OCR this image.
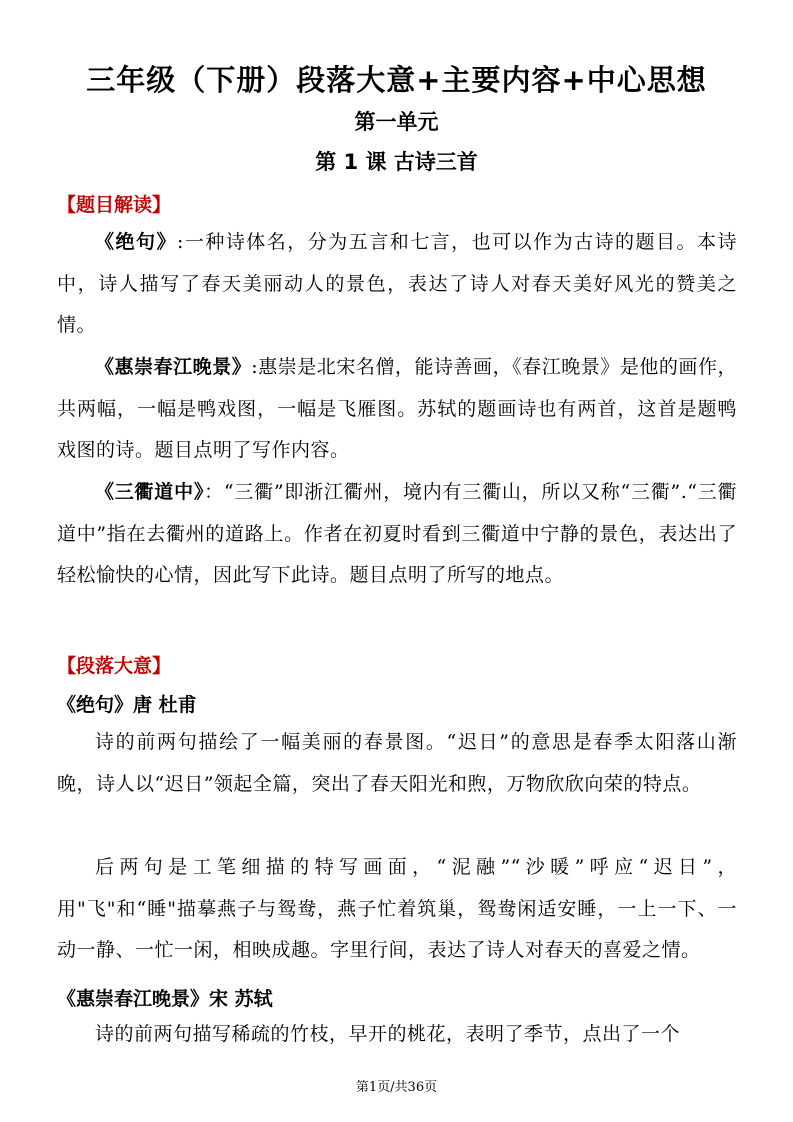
三年级（下册）段落大意+主要内容+中心思想
第一单元
第 1 课 古诗三首
【题目解读】

《绝句》:一种诗体名，分为五言和七言，也可以作为古诗的题目。本诗中，诗人描写了春天美丽动人的景色，表达了诗人对春天美好风光的赞美之情。

《惠崇春江晚景》:惠崇是北宋名僧，能诗善画，《春江晚景》是他的画作，共两幅，一幅是鸭戏图，一幅是飞雁图。苏轼的题画诗也有两首，这首是题鸭戏图的诗。题目点明了写作内容。

《三衢道中》：“三衢”即浙江衢州，境内有三衢山，所以又称“三衢”.“三衢道中”指在去衢州的道路上。作者在初夏时看到三衢道中宁静的景色，表达出了轻松愉快的心情，因此写下此诗。题目点明了所写的地点。

【段落大意】
《绝句》唐 杜甫

诗的前两句描绘了一幅美丽的春景图。“迟日”的意思是春季太阳落山渐晚，诗人以“迟日”领起全篇，突出了春天阳光和煦，万物欣欣向荣的特点。

后两句是工笔细描的特写画面，“泥融”“沙暖”呼应“迟日”，用"飞"和“睡"描摹燕子与鸳鸯，燕子忙着筑巢，鸳鸯闲适安睡，一上一下、一动一静、一忙一闲，相映成趣。字里行间，表达了诗人对春天的喜爱之情。

《惠崇春江晚景》宋 苏轼

诗的前两句描写稀疏的竹枝，早开的桃花，表明了季节，点出了一个

第1页/共36页
